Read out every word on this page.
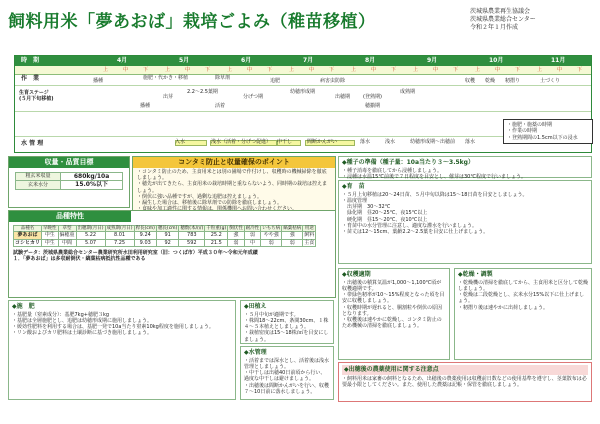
飼料用米「夢あおば」栽培ごよみ（稚苗移植）
茨城県農業再生協議会
茨城県農業総合センター
令和２年１月作成
時　期
作　業
生育ステージ
(５月下旬移植)
水 管 理
4月
上	中	下
5月
上	中	下
6月
上	中	下
7月
上	中	下
8月
上	中	下
9月
上	中	下
10月
上	中	下
11月
上	中	下
播種	施肥・代かき・移植	除草剤	追肥	病害虫防除	収穫 乾燥 籾摺り	土づくり
播種
出芽
2.2〜2.5葉期
活着
分げつ期
幼穂形成期
出穂期
成熟期
穂揃期
(登熟期)
入水	浅水（活着・分げつ促進） 中干し	間断かんがい	落水	浅水	幼穂形成期〜出穂前 落水
・施肥・施薬の時期
・作業の時期
・登熟期間の1.5cm以下の浸水
収量・品質目標
粗玄米収量	680kg/10a
玄米水分	15.0%以下
コンタミ防止と収量確保のポイント
・コンタミ防止のため、主食用米とは別の圃場で作付けし、収穫時の機械掃除を徹底しましょう。
・穂先が出てきたら、主食用米の栽培時期と重ならないよう、同時期の栽培は控えましょう。
・倒伏に強い品種ですが、過剰な追肥は控えましょう。
・漏生した場合は、移植後に除草剤での防除を徹底しましょう。
品種特性
品種名	早晩性	草型	出穂期(月日)	成熟期(月日)	稈長(cm)	穂長(cm)	穂数(本/㎡)	千粒重(g)	倒伏性	耐冷性	いもち病	縞葉枯病	用途
夢あおば	中生	偏穂重	5.22	8.01	9.24	91	783	25.2	強	弱	やや強	強	飼料
コシヒカリ	中生	中間	5.07	7.25	9.03	92	592	21.5	弱	中	弱	弱	主食
試験データ：茨城県農業総合センター農業研究所水田利用研究室（旧：つくば市）平成３０年〜令和元年成績
１．「夢あおば」は多収耐倒伏・縞葉枯病抵抗性品種である
◆種子の準備（種子量：10a当たり３〜3.5kg）
・種子消毒を徹底してから浸種しましょう。
・浸種は水温15℃前後で７日程度を目安とし、催芽は30℃程度で行いましょう。
◆育　苗
・５月上旬移植は20〜24日苗、５月中旬以降は15〜18日苗を目安としましょう。
・温度管理
　出芽期　30〜32℃
　緑化期　昼20〜25℃、夜15℃以上
　硬化期　昼15〜20℃、夜10℃以上
・育苗中の水分管理に注意し、適度な灌水を行いましょう。
・苗丈は12〜15cm、葉齢2.2〜2.5葉を目安に仕上げましょう。
◆施　肥
・基肥量（窒素成分）：基肥7kg+穂肥３kg
・基肥は全層施肥とし、追肥は幼穂形成期に施用しましょう。
・緩効性肥料を利用する場合は、基肥一発で10a当たり窒素10kg程度を施用しましょう。
・リン酸およびカリ肥料は土壌診断に基づき施用しましょう。
◆田植え
・５月中旬が適期です。
・株間18〜22cm、条間30cm、１株４〜５本植えとしましょう。
・栽植密度は15〜18株/㎡を目安にしましょう。
◆水管理
・活着までは深水とし、活着後は浅水管理としましょう。
・中干しは出穂40日前頃から行い、過度な中干しは避けましょう。
・出穂後は間断かんがいを行い、収穫７〜10日前に落水しましょう。
◆収穫適期
・出穂後の積算気温が1,000〜1,100℃頃が収穫適期です。
・帯緑色籾率が10〜15%程度となった頃を目安に収穫しましょう。
・収穫時期が遅れると、胴割粒や倒伏の原因となります。
・収穫後は速やかに乾燥し、コンタミ防止のため機械の清掃を徹底しましょう。
◆乾燥・調製
・乾燥機の清掃を徹底してから、主食用米と区分して乾燥しましょう。
・乾燥は二段乾燥とし、玄米水分15%以下に仕上げましょう。
・籾摺り後は速やかに出荷しましょう。
◆出穂後の農薬使用に関する注意点
・飼料用米は家畜の飼料となるため、出穂後の農薬使用は収穫前日数などの使用基準を遵守し、茎葉散布は必要最小限としてください。また、使用した農薬は記帳・保管を徹底しましょう。
